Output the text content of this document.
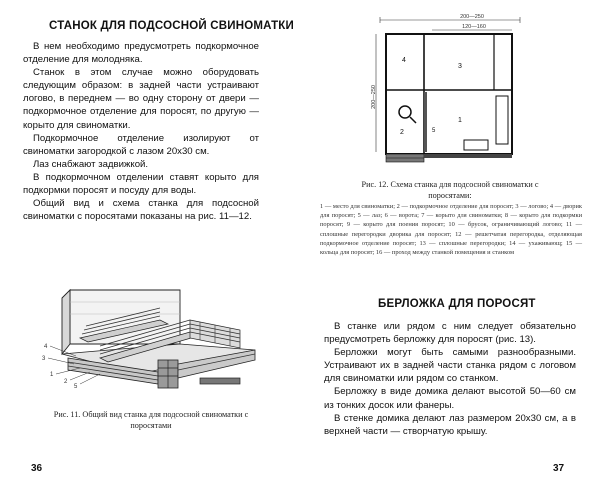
СТАНОК ДЛЯ ПОДСОСНОЙ СВИНОМАТКИ

В нем необходимо предусмотреть подкормочное отделение для молодняка.

Станок в этом случае можно оборудовать следующим образом: в задней части устраивают логово, в переднем — во одну сторону от двери — подкормочное отделение для поросят, по другую — корыто для свиноматки.

Подкормочное отделение изолируют от свиноматки загородкой с лазом 20х30 см.

Лаз снабжают задвижкой.

В подкормочном отделении ставят корыто для подкормки поросят и посуду для воды.

Общий вид и схема станка для подсосной свиноматки с поросятами показаны на рис. 11—12.

4
3
1
2
5
Рис. 11. Общий вид станка для подсосной свиноматки с поросятами
36
200—250
120—160
200—250
4
3
2
1
5
Рис. 12. Схема станка для подсосной свиноматки с поросятами:
1 — место для свиноматки; 2 — подкормочное отделение для поросят; 3 — логово; 4 — дворик для поросят; 5 — лаз; 6 — ворота; 7 — корыто для свиноматки; 8 — корыто для подкормки поросят; 9 — корыто для поения поросят; 10 — брусок, ограничивающий логово; 11 — сплошные перегородки дворика для поросят; 12 — решетчатая перегородка, отделяющая подкормочное отделение поросят; 13 — сплошные перегородки; 14 — ухаживающ; 15 — кольца для поросят; 16 — проход между станкой помещения и станком
БЕРЛОЖКА ДЛЯ ПОРОСЯТ

В станке или рядом с ним следует обязательно предусмотреть берложку для поросят (рис. 13).

Берложки могут быть самыми разнообразными. Устраивают их в задней части станка рядом с логовом для свиноматки или рядом со станком.

Берложку в виде домика делают высотой 50—60 см из тонких досок или фанеры.

В стенке домика делают лаз размером 20х30 см, а в верхней части — створчатую крышу.

37
